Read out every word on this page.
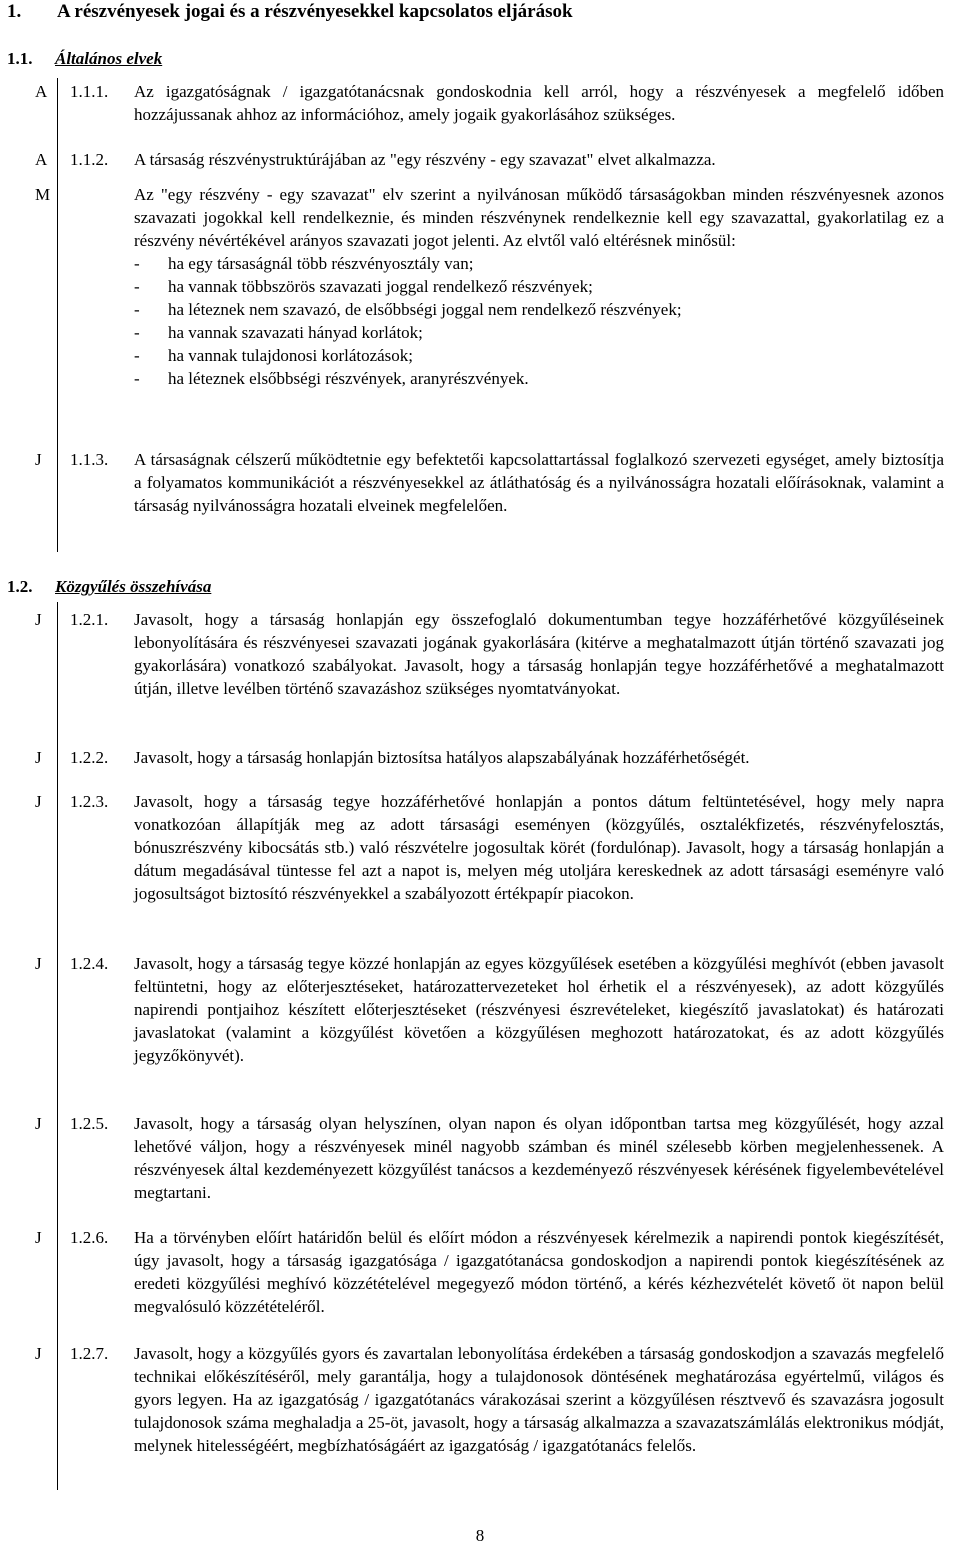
1. A részvényesek jogai és a részvényesekkel kapcsolatos eljárások
1.1. Általános elvek
A 1.1.1. Az igazgatóságnak / igazgatótanácsnak gondoskodnia kell arról, hogy a részvényesek a megfelelő időben hozzájussanak ahhoz az információhoz, amely jogaik gyakorlásához szükséges.
A 1.1.2. A társaság részvénystruktúrájában az "egy részvény - egy szavazat" elvet alkalmazza.
M	Az "egy részvény - egy szavazat" elv szerint a nyilvánosan működő társaságokban minden részvényesnek azonos szavazati jogokkal kell rendelkeznie, és minden részvénynek rendelkeznie kell egy szavazattal, gyakorlatilag ez a részvény névértékével arányos szavazati jogot jelenti. Az elvtől való eltérésnek minősül:

- ha egy társaságnál több részvényosztály van;
- ha vannak többszörös szavazati joggal rendelkező részvények;
- ha léteznek nem szavazó, de elsőbbségi joggal nem rendelkező részvények;
- ha vannak szavazati hányad korlátok;
- ha vannak tulajdonosi korlátozások;
- ha léteznek elsőbbségi részvények, aranyrészvények.
J	1.1.3. A társaságnak célszerű működtetnie egy befektetői kapcsolattartással foglalkozó szervezeti egységet, amely biztosítja a folyamatos kommunikációt a részvényesekkel az átláthatóság és a nyilvánosságra hozatali előírásoknak, valamint a társaság nyilvánosságra hozatali elveinek megfelelően.
1.2. Közgyűlés összehívása
J	1.2.1. Javasolt, hogy a társaság honlapján egy összefoglaló dokumentumban tegye hozzáférhetővé közgyűléseinek lebonyolítására és részvényesei szavazati jogának gyakorlására (kitérve a meghatalmazott útján történő szavazati jog gyakorlására) vonatkozó szabályokat. Javasolt, hogy a társaság honlapján tegye hozzáférhetővé a meghatalmazott útján, illetve levélben történő szavazáshoz szükséges nyomtatványokat.
J	1.2.2. Javasolt, hogy a társaság honlapján biztosítsa hatályos alapszabályának hozzáférhetőségét.
J	1.2.3. Javasolt, hogy a társaság tegye hozzáférhetővé honlapján a pontos dátum feltüntetésével, hogy mely napra vonatkozóan állapítják meg az adott társasági eseményen (közgyűlés, osztalékfizetés, részvényfelosztás, bónuszrészvény kibocsátás stb.) való részvételre jogosultak körét (fordulónap). Javasolt, hogy a társaság honlapján a dátum megadásával tüntesse fel azt a napot is, melyen még utoljára kereskednek az adott társasági eseményre való jogosultságot biztosító részvényekkel a szabályozott értékpapír piacokon.
J	1.2.4. Javasolt, hogy a társaság tegye közzé honlapján az egyes közgyűlések esetében a közgyűlési meghívót (ebben javasolt feltüntetni, hogy az előterjesztéseket, határozattervezeteket hol érhetik el a részvényesek), az adott közgyűlés napirendi pontjaihoz készített előterjesztéseket (részvényesi észrevételeket, kiegészítő javaslatokat) és határozati javaslatokat (valamint a közgyűlést követően a közgyűlésen meghozott határozatokat, és az adott közgyűlés jegyzőkönyvét).
J	1.2.5. Javasolt, hogy a társaság olyan helyszínen, olyan napon és olyan időpontban tartsa meg közgyűlését, hogy azzal lehetővé váljon, hogy a részvényesek minél nagyobb számban és minél szélesebb körben megjelenhessenek. A részvényesek által kezdeményezett közgyűlést tanácsos a kezdeményező részvényesek kérésének figyelembevételével megtartani.
J	1.2.6. Ha a törvényben előírt határidőn belül és előírt módon a részvényesek kérelmezik a napirendi pontok kiegészítését, úgy javasolt, hogy a társaság igazgatósága / igazgatótanácsa gondoskodjon a napirendi pontok kiegészítésének az eredeti közgyűlési meghívó közzétételével megegyező módon történő, a kérés kézhezvételét követő öt napon belül megvalósuló közzétételéről.
J	1.2.7. Javasolt, hogy a közgyűlés gyors és zavartalan lebonyolítása érdekében a társaság gondoskodjon a szavazás megfelelő technikai előkészítéséről, mely garantálja, hogy a tulajdonosok döntésének meghatározása egyértelmű, világos és gyors legyen. Ha az igazgatóság / igazgatótanács várakozásai szerint a közgyűlésen résztvevő és szavazásra jogosult tulajdonosok száma meghaladja a 25-öt, javasolt, hogy a társaság alkalmazza a szavazatszámlálás elektronikus módját, melynek hitelességéért, megbízhatóságáért az igazgatóság / igazgatótanács felelős.
8
